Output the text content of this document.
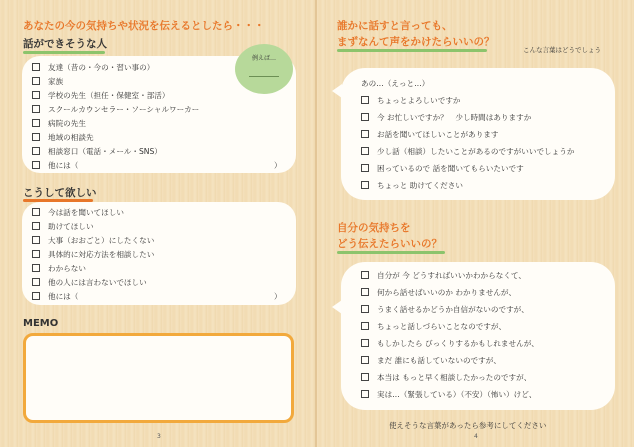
あなたの今の気持ちや状況を伝えるとしたら・・・
話ができそうな人
友達（昔の・今の・習い事の）
家族
学校の先生（担任・保健室・部活）
スクールカウンセラー・ソーシャルワーカー
病院の先生
地域の相談先
相談窓口（電話・メール・SNS）
他には（	）
例えば…
こうして欲しい
今は話を聞いてほしい
助けてほしい
大事（おおごと）にしたくない
具体的に対応方法を相談したい
わからない
他の人には言わないでほしい
他には（	）
MEMO
3
誰かに話すと言っても、
まずなんて声をかけたらいいの？
こんな言葉はどうでしょう
あの…（えっと…）
ちょっとよろしいですか
今 お忙しいですか？　少し時間はありますか
お話を聞いてほしいことがあります
少し話（相談）したいことがあるのですがいいでしょうか
困っているので 話を聞いてもらいたいです
ちょっと 助けてください
自分の気持ちを
どう伝えたらいいの？
自分が 今 どうすればいいかわからなくて、
何から話せばいいのか わかりませんが、
うまく話せるかどうか自信がないのですが、
ちょっと話しづらいことなのですが、
もしかしたら びっくりするかもしれませんが、
まだ 誰にも話していないのですが、
本当は もっと早く相談したかったのですが、
実は…（緊張している）（不安）（怖い）けど、
使えそうな言葉があったら参考にしてください
4
